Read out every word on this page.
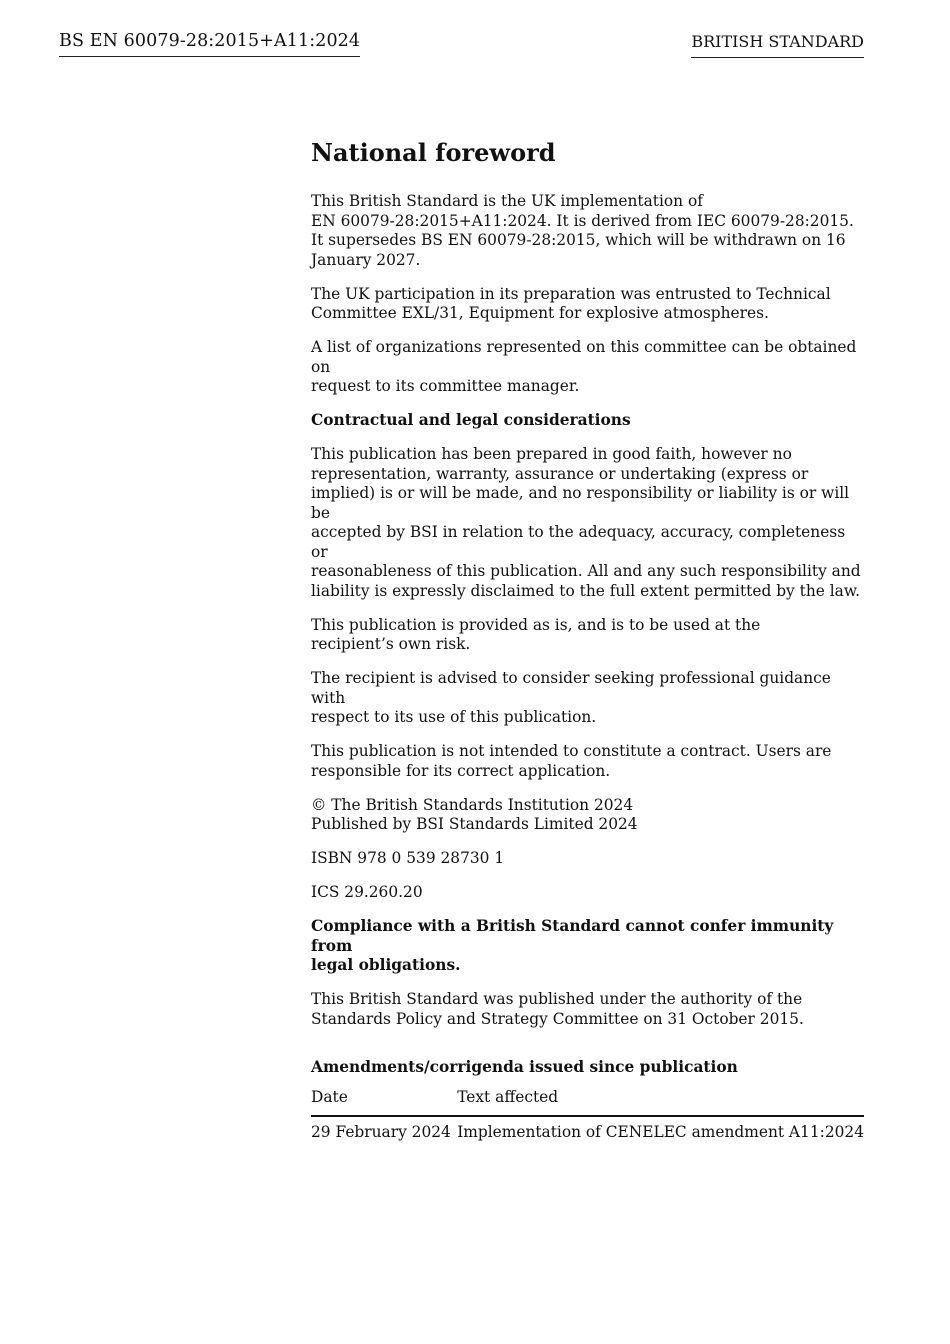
BS EN 60079-28:2015+A11:2024	BRITISH STANDARD
National foreword

This British Standard is the UK implementation of
EN 60079-28:2015+A11:2024. It is derived from IEC 60079-28:2015.
It supersedes BS EN 60079-28:2015, which will be withdrawn on 16
January 2027.

The UK participation in its preparation was entrusted to Technical
Committee EXL/31, Equipment for explosive atmospheres.

A list of organizations represented on this committee can be obtained on
request to its committee manager.

Contractual and legal considerations

This publication has been prepared in good faith, however no
representation, warranty, assurance or undertaking (express or
implied) is or will be made, and no responsibility or liability is or will be
accepted by BSI in relation to the adequacy, accuracy, completeness or
reasonableness of this publication. All and any such responsibility and
liability is expressly disclaimed to the full extent permitted by the law.

This publication is provided as is, and is to be used at the
recipient’s own risk.

The recipient is advised to consider seeking professional guidance with
respect to its use of this publication.

This publication is not intended to constitute a contract. Users are
responsible for its correct application.

© The British Standards Institution 2024
Published by BSI Standards Limited 2024

ISBN 978 0 539 28730 1

ICS 29.260.20

Compliance with a British Standard cannot confer immunity from
legal obligations.

This British Standard was published under the authority of the
Standards Policy and Strategy Committee on 31 October 2015.

Amendments/corrigenda issued since publication
Date	Text affected
29 February 2024	Implementation of CENELEC amendment A11:2024
